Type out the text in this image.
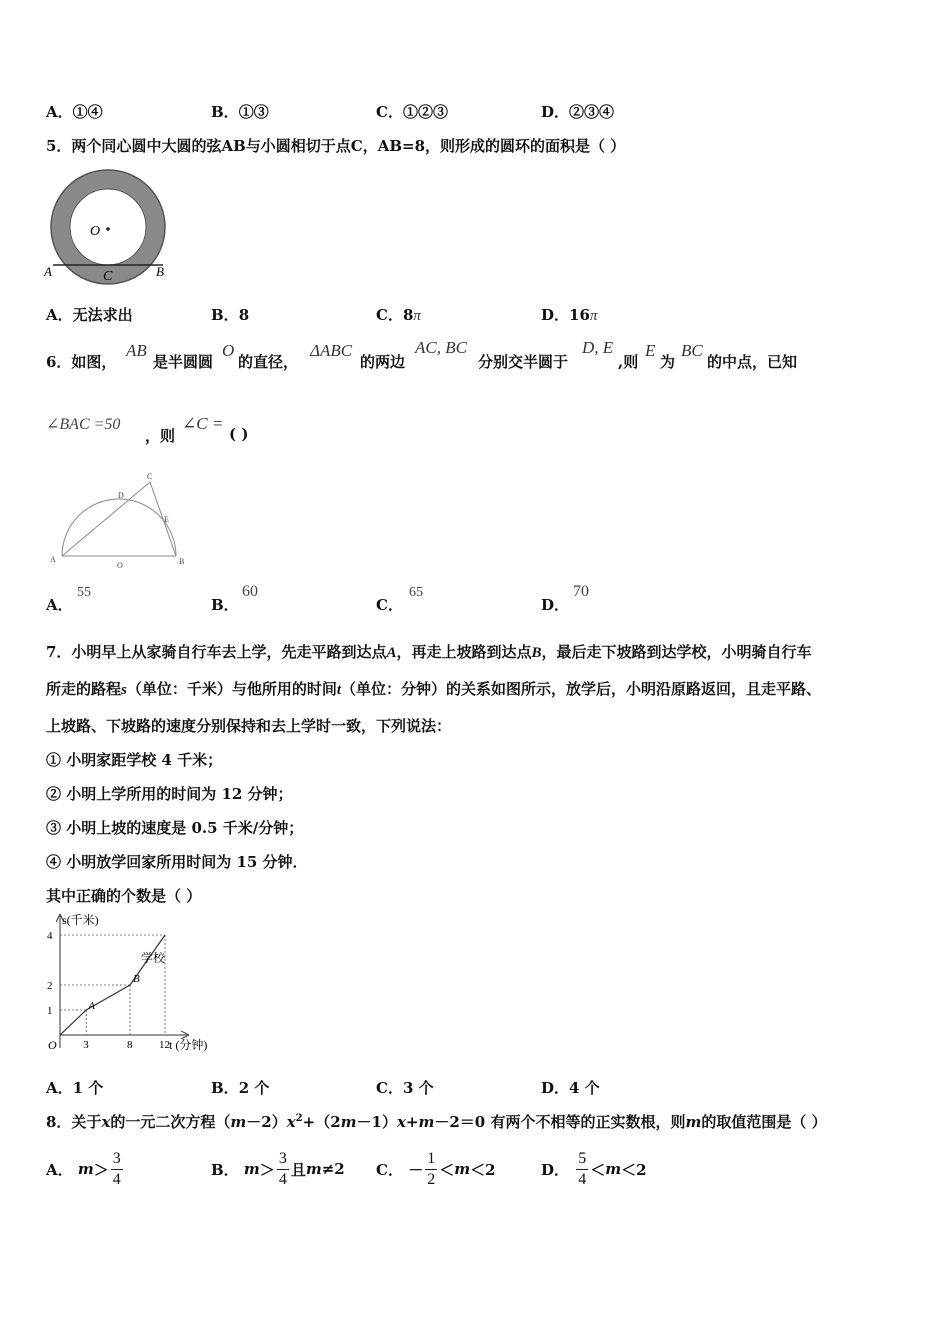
A．①④	B．①③	C．①②③	D．②③④
5．两个同心圆中大圆的弦AB与小圆相切于点C，AB=8，则形成的圆环的面积是（ ）
O
A	C	B
A．无法求出	B．8	C．8π	D．16π
6．如图，
AB
是半圆圆
O
的直径，
ΔABC
的两边
AC, BC
分别交半圆于
D, E
,则
E
为
BC
的中点，已知
∠BAC =50
，则
∠C =
( )
A
O	B
C
D
E
A．
55
B．
60
C．
65
D．
70
7．小明早上从家骑自行车去上学，先走平路到达点A，再走上坡路到达点B，最后走下坡路到达学校，小明骑自行车
所走的路程s（单位：千米）与他所用的时间t（单位：分钟）的关系如图所示，放学后，小明沿原路返回，且走平路、
上坡路、下坡路的速度分别保持和去上学时一致，下列说法：
① 小明家距学校 4 千米；
② 小明上学所用的时间为 12 分钟；
③ 小明上坡的速度是 0.5 千米/分钟；
④ 小明放学回家所用时间为 15 分钟．
其中正确的个数是（ ）
s(千米)
t (分钟)
学校
O
A
B
4
2
1
3	8 12
A．1 个	B．2 个	C．3 个	D．4 个
8．关于x的一元二次方程$(m-2)x^2+(2m-1)x+m-2=0$ 有两个不相等的正实数根，则m的取值范围是（ ）
A．
$m > \frac{3}{4}$	B．
$m > \frac{3}{4}$ 且 m ≠2 C．
－ $\frac{1}{2} < m <2$	D．
$\frac{5}{4} < m <2$
